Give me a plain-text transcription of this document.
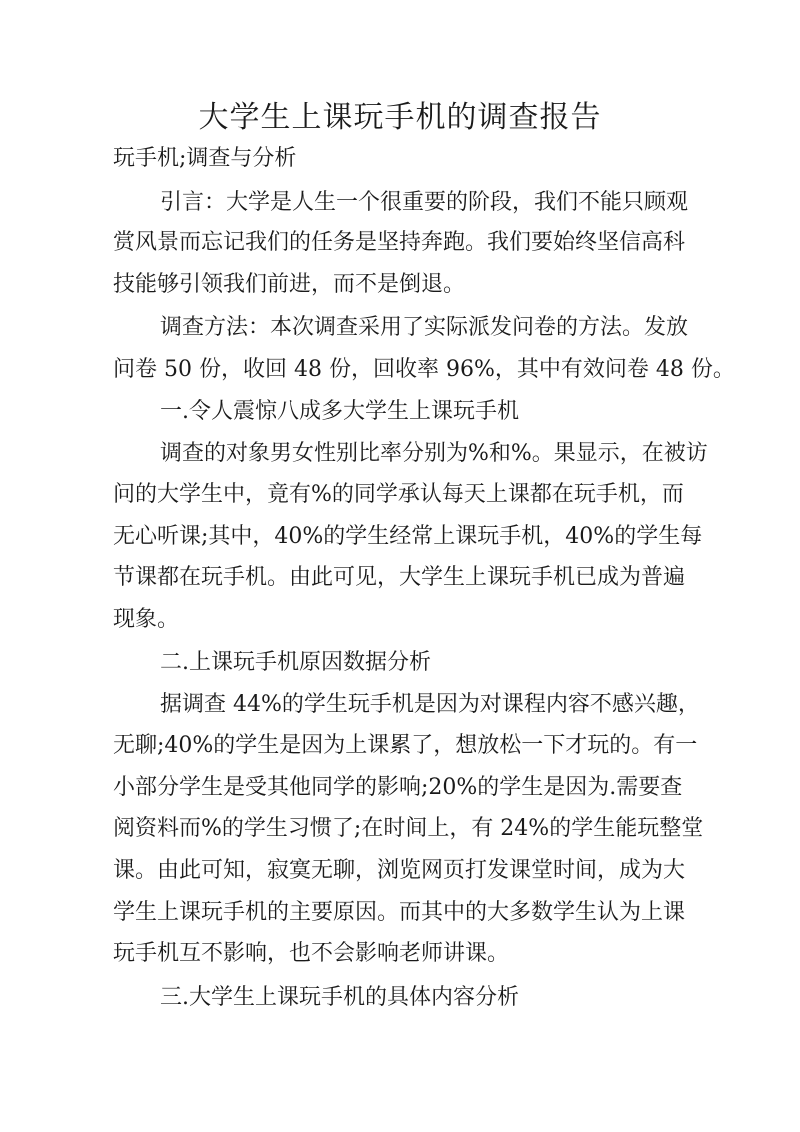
大学生上课玩手机的调查报告
玩手机;调查与分析
引言：大学是人生一个很重要的阶段，我们不能只顾观
赏风景而忘记我们的任务是坚持奔跑。我们要始终坚信高科
技能够引领我们前进，而不是倒退。
调查方法：本次调查采用了实际派发问卷的方法。发放
问卷 50 份，收回 48 份，回收率 96%，其中有效问卷 48 份。
一.令人震惊八成多大学生上课玩手机
调查的对象男女性别比率分别为%和%。果显示，在被访
问的大学生中，竟有%的同学承认每天上课都在玩手机，而
无心听课;其中，40%的学生经常上课玩手机，40%的学生每
节课都在玩手机。由此可见，大学生上课玩手机已成为普遍
现象。
二.上课玩手机原因数据分析
据调查 44%的学生玩手机是因为对课程内容不感兴趣，
无聊;40%的学生是因为上课累了，想放松一下才玩的。有一
小部分学生是受其他同学的影响;20%的学生是因为.需要查
阅资料而%的学生习惯了;在时间上，有 24%的学生能玩整堂
课。由此可知，寂寞无聊，浏览网页打发课堂时间，成为大
学生上课玩手机的主要原因。而其中的大多数学生认为上课
玩手机互不影响，也不会影响老师讲课。
三.大学生上课玩手机的具体内容分析
